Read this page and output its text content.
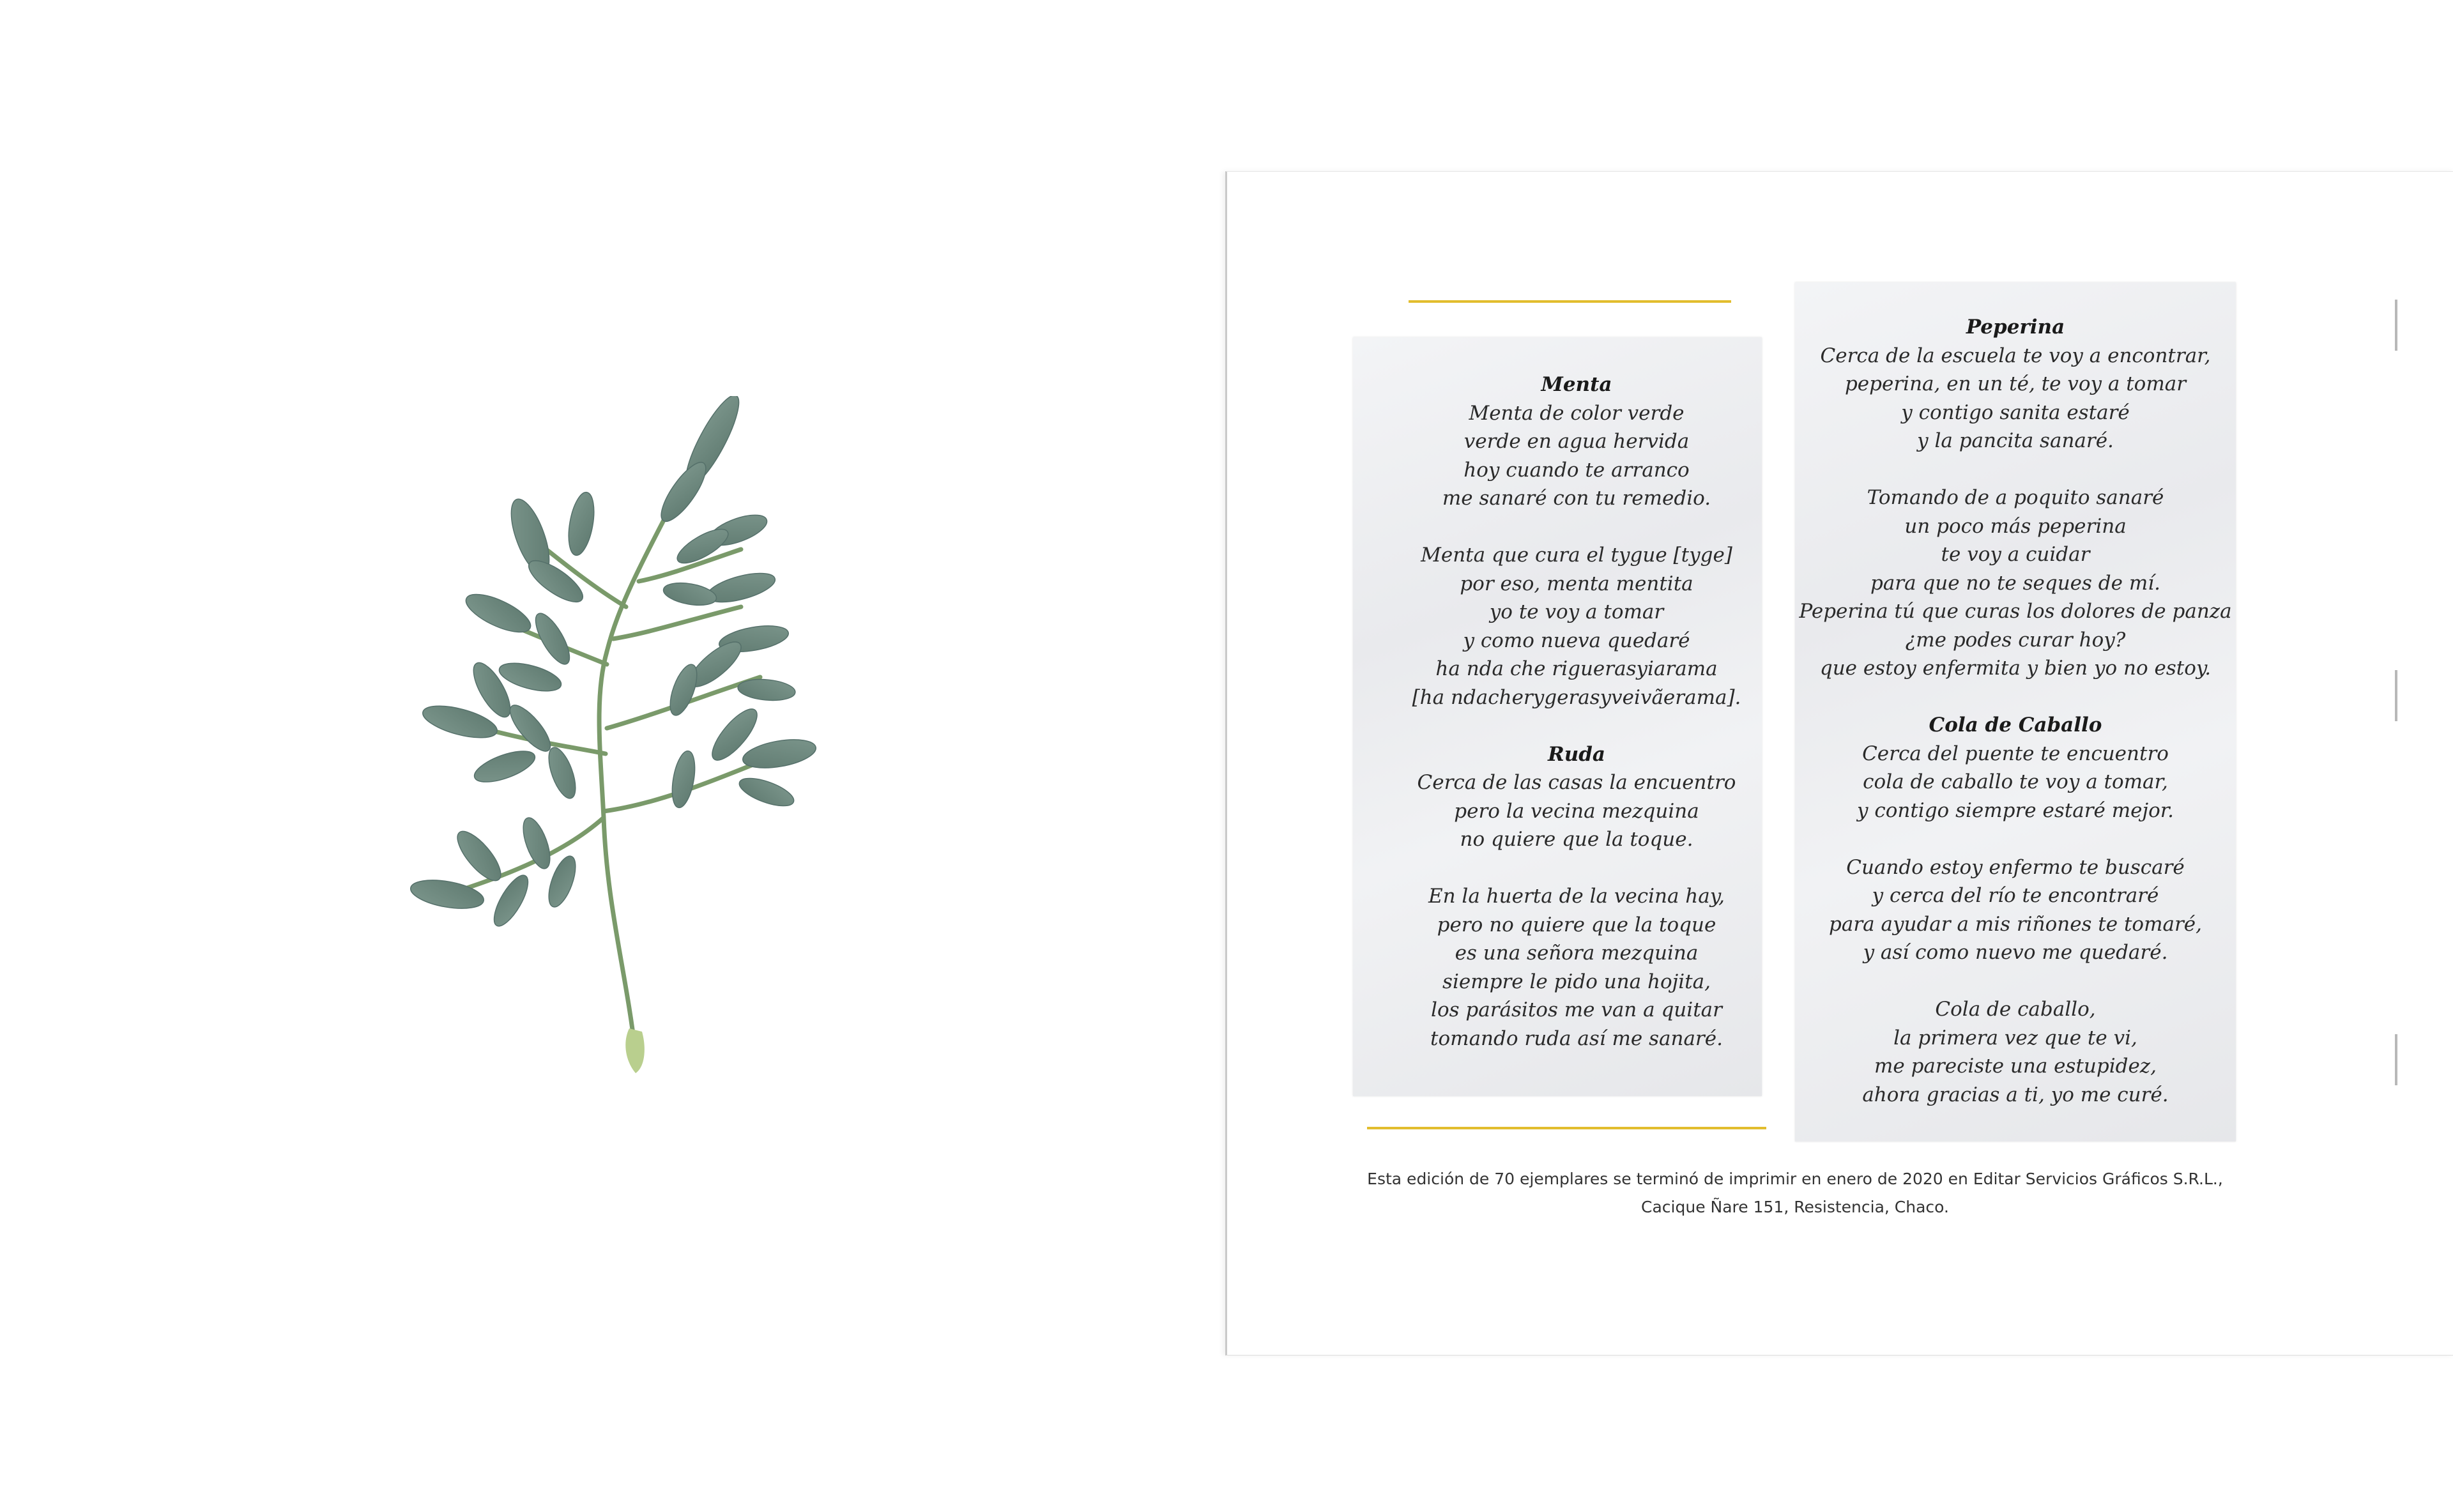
Menta
Menta de color verde
verde en agua hervida
hoy cuando te arranco
me sanaré con tu remedio.
Menta que cura el tygue [tyge]
por eso, menta mentita
yo te voy a tomar
y como nueva quedaré
ha nda che riguerasyiarama
[ha ndacherygerasyveivãerama].
Ruda
Cerca de las casas la encuentro
pero la vecina mezquina
no quiere que la toque.
En la huerta de la vecina hay,
pero no quiere que la toque
es una señora mezquina
siempre le pido una hojita,
los parásitos me van a quitar
tomando ruda así me sanaré.
Peperina
Cerca de la escuela te voy a encontrar,
peperina, en un té, te voy a tomar
y contigo sanita estaré
y la pancita sanaré.
Tomando de a poquito sanaré
un poco más peperina
te voy a cuidar
para que no te seques de mí.
Peperina tú que curas los dolores de panza
¿me podes curar hoy?
que estoy enfermita y bien yo no estoy.
Cola de Caballo
Cerca del puente te encuentro
cola de caballo te voy a tomar,
y contigo siempre estaré mejor.
Cuando estoy enfermo te buscaré
y cerca del río te encontraré
para ayudar a mis riñones te tomaré,
y así como nuevo me quedaré.
Cola de caballo,
la primera vez que te vi,
me pareciste una estupidez,
ahora gracias a ti, yo me curé.
Esta edición de 70 ejemplares se terminó de imprimir en enero de 2020 en Editar Servicios Gráficos S.R.L.,
Cacique Ñare 151, Resistencia, Chaco.
